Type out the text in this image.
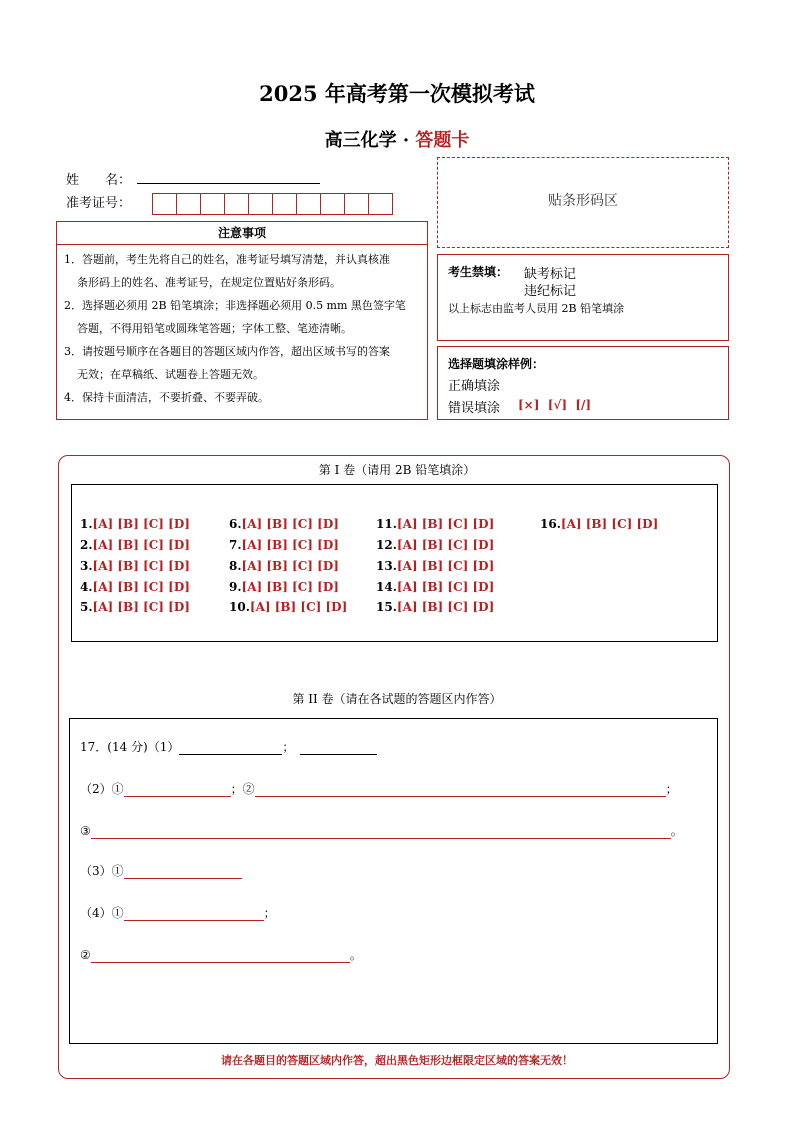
2025 年高考第一次模拟考试
高三化学 · 答题卡
姓　　名：
准考证号：	贴条形码区
注意事项
1．答题前，考生先将自己的姓名，准考证号填写清楚，并认真核准
条形码上的姓名、准考证号，在规定位置贴好条形码。
2．选择题必须用 2B 铅笔填涂；非选择题必须用 0.5 mm 黑色签字笔
答题，不得用铅笔或圆珠笔答题；字体工整、笔迹清晰。
3．请按题号顺序在各题目的答题区域内作答，超出区域书写的答案
无效；在草稿纸、试题卷上答题无效。
4．保持卡面清洁，不要折叠、不要弄破。
考生禁填： 缺考标记
违纪标记
以上标志由监考人员用 2B 铅笔填涂
选择题填涂样例：
正确填涂
错误填涂 [×]  [√]  [/]
第 I 卷（请用 2B 铅笔填涂）
1.[A] [B] [C] [D]
2.[A] [B] [C] [D]
3.[A] [B] [C] [D]
4.[A] [B] [C] [D]
5.[A] [B] [C] [D]
6.[A] [B] [C] [D]
7.[A] [B] [C] [D]
8.[A] [B] [C] [D]
9.[A] [B] [C] [D]
10.[A] [B] [C] [D]
11.[A] [B] [C] [D]
12.[A] [B] [C] [D]
13.[A] [B] [C] [D]
14.[A] [B] [C] [D]
15.[A] [B] [C] [D]
16.[A] [B] [C] [D]
第 II 卷（请在各试题的答题区内作答）
17．(14 分)（1）	；
（2）①	；②	；
③	。
（3）①
（4）①	；
②	。
请在各题目的答题区域内作答，超出黑色矩形边框限定区域的答案无效！
